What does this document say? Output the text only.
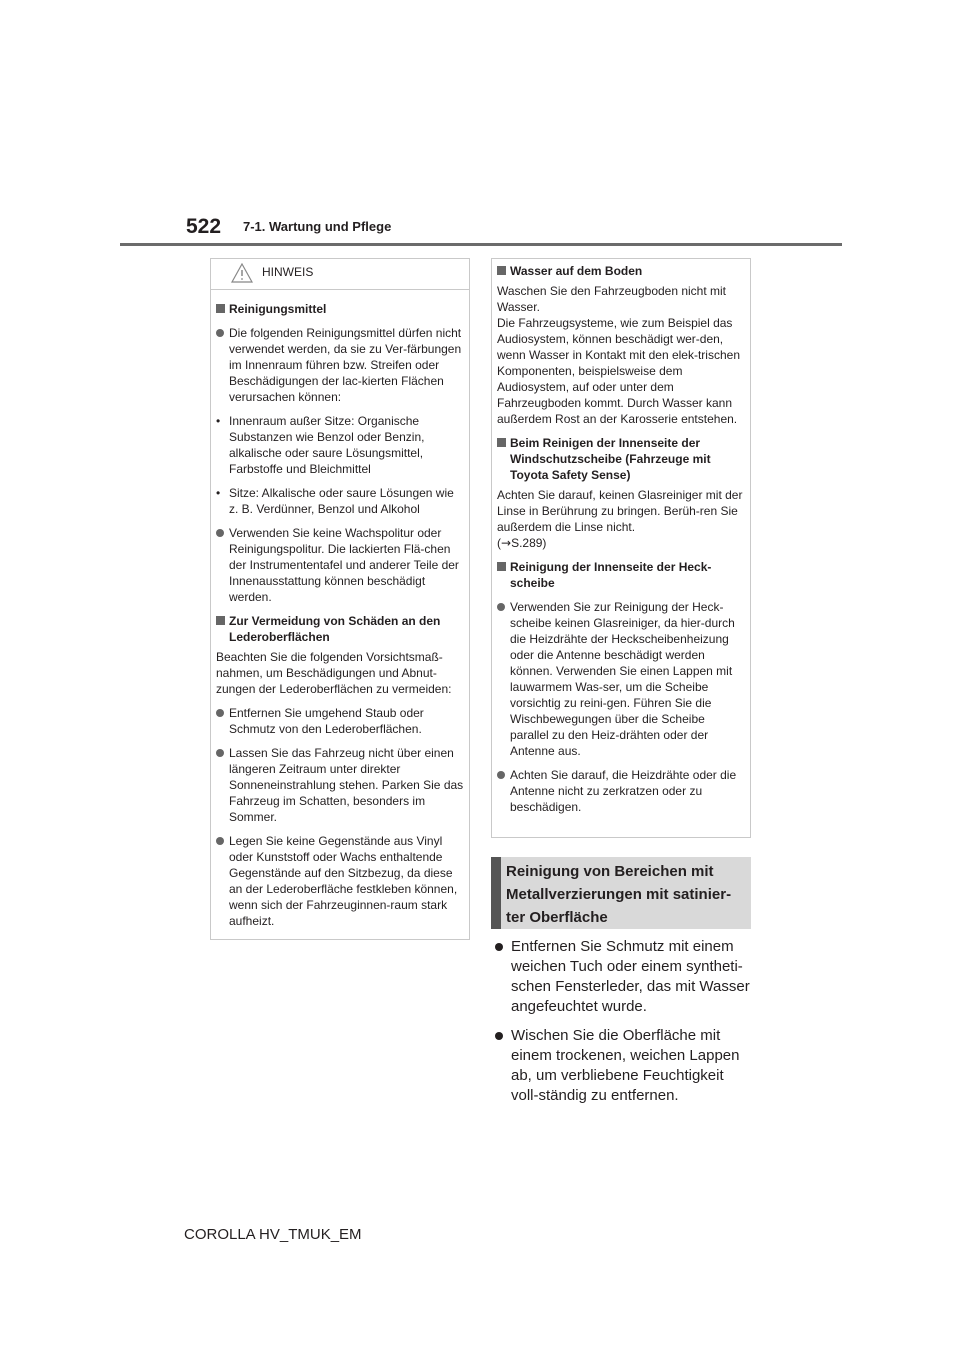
522 7-1. Wartung und Pflege
HINWEIS
Reinigungsmittel
Die folgenden Reinigungsmittel dürfen nicht verwendet werden, da sie zu Ver-färbungen im Innenraum führen bzw. Streifen oder Beschädigungen der lac-kierten Flächen verursachen können:
• Innenraum außer Sitze: Organische Substanzen wie Benzol oder Benzin, alkalische oder saure Lösungsmittel, Farbstoffe und Bleichmittel
• Sitze: Alkalische oder saure Lösungen wie z. B. Verdünner, Benzol und Alkohol
Verwenden Sie keine Wachspolitur oder Reinigungspolitur. Die lackierten Flä-chen der Instrumententafel und anderer Teile der Innenausstattung können beschädigt werden.
Zur Vermeidung von Schäden an den Lederoberflächen
Beachten Sie die folgenden Vorsichtsmaß-nahmen, um Beschädigungen und Abnut-zungen der Lederoberflächen zu vermeiden:
Entfernen Sie umgehend Staub oder Schmutz von den Lederoberflächen.
Lassen Sie das Fahrzeug nicht über einen längeren Zeitraum unter direkter Sonneneinstrahlung stehen. Parken Sie das Fahrzeug im Schatten, besonders im Sommer.
Legen Sie keine Gegenstände aus Vinyl oder Kunststoff oder Wachs enthaltende Gegenstände auf den Sitzbezug, da diese an der Lederoberfläche festkleben können, wenn sich der Fahrzeuginnen-raum stark aufheizt.
Wasser auf dem Boden
Waschen Sie den Fahrzeugboden nicht mit Wasser.
Die Fahrzeugsysteme, wie zum Beispiel das Audiosystem, können beschädigt wer-den, wenn Wasser in Kontakt mit den elek-trischen Komponenten, beispielsweise dem Audiosystem, auf oder unter dem Fahrzeugboden kommt. Durch Wasser kann außerdem Rost an der Karosserie entstehen.
Beim Reinigen der Innenseite der Windschutzscheibe (Fahrzeuge mit Toyota Safety Sense)
Achten Sie darauf, keinen Glasreiniger mit der Linse in Berührung zu bringen. Berüh-ren Sie außerdem die Linse nicht.
(→S.289)
Reinigung der Innenseite der Heck-scheibe
Verwenden Sie zur Reinigung der Heck-scheibe keinen Glasreiniger, da hier-durch die Heizdrähte der Heckscheibenheizung oder die Antenne beschädigt werden können. Verwenden Sie einen Lappen mit lauwarmem Was-ser, um die Scheibe vorsichtig zu reini-gen. Führen Sie die Wischbewegungen über die Scheibe parallel zu den Heiz-drähten oder der Antenne aus.
Achten Sie darauf, die Heizdrähte oder die Antenne nicht zu zerkratzen oder zu beschädigen.
Reinigung von Bereichen mit Metallverzierungen mit satinier-ter Oberfläche
Entfernen Sie Schmutz mit einem weichen Tuch oder einem syntheti-schen Fensterleder, das mit Wasser angefeuchtet wurde.
Wischen Sie die Oberfläche mit einem trockenen, weichen Lappen ab, um verbliebene Feuchtigkeit voll-ständig zu entfernen.
COROLLA HV_TMUK_EM
